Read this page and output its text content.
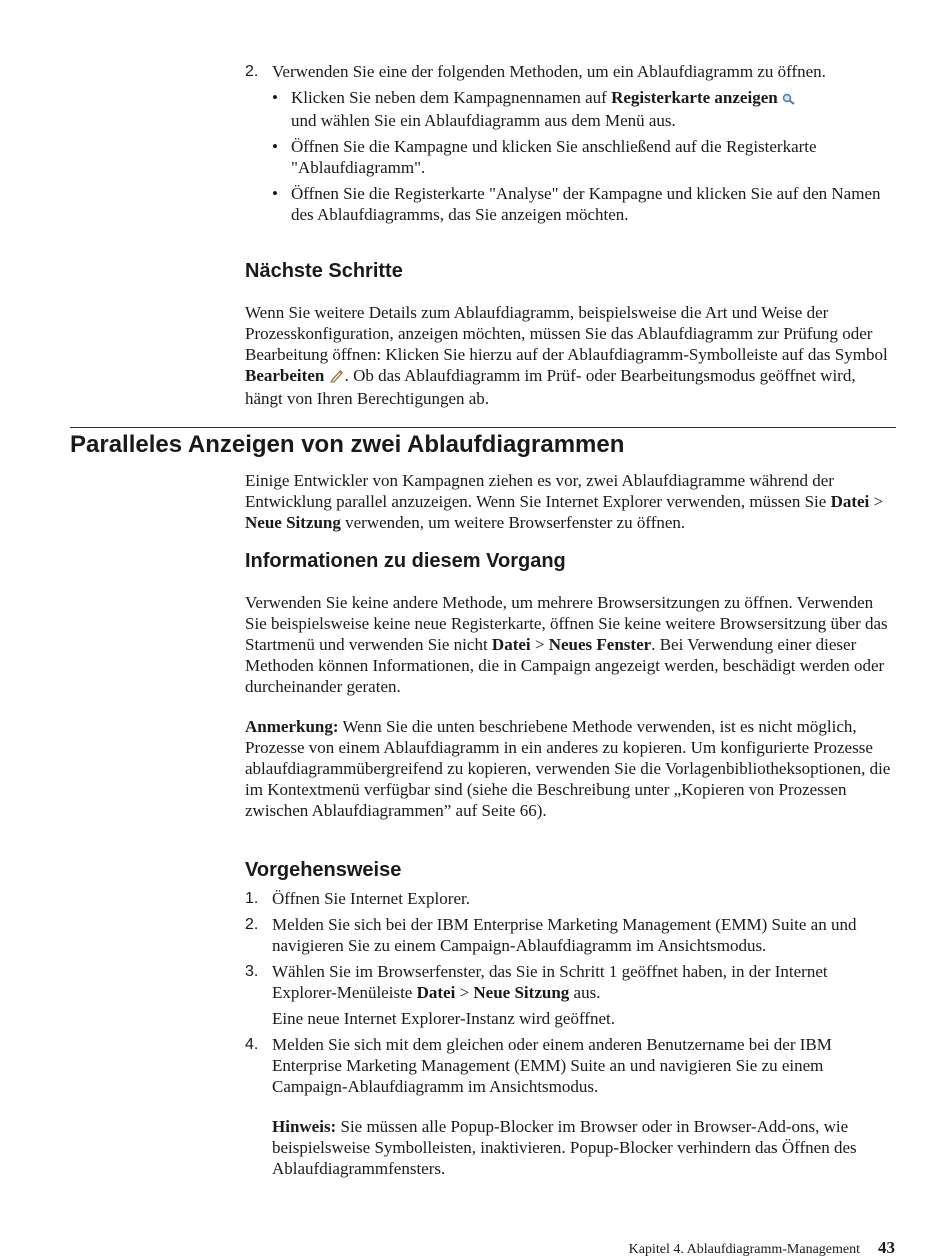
2. Verwenden Sie eine der folgenden Methoden, um ein Ablaufdiagramm zu öffnen.
• Klicken Sie neben dem Kampagnennamen auf Registerkarte anzeigen
und wählen Sie ein Ablaufdiagramm aus dem Menü aus.
• Öffnen Sie die Kampagne und klicken Sie anschließend auf die Registerkarte "Ablaufdiagramm".
• Öffnen Sie die Registerkarte "Analyse" der Kampagne und klicken Sie auf den Namen des Ablaufdiagramms, das Sie anzeigen möchten.
Nächste Schritte

Wenn Sie weitere Details zum Ablaufdiagramm, beispielsweise die Art und Weise der Prozesskonfiguration, anzeigen möchten, müssen Sie das Ablaufdiagramm zur Prüfung oder Bearbeitung öffnen: Klicken Sie hierzu auf der Ablaufdiagramm-Symbolleiste auf das Symbol Bearbeiten . Ob das Ablaufdiagramm im Prüf- oder Bearbeitungsmodus geöffnet wird, hängt von Ihren Berechtigungen ab.

Paralleles Anzeigen von zwei Ablaufdiagrammen
Einige Entwickler von Kampagnen ziehen es vor, zwei Ablaufdiagramme während der Entwicklung parallel anzuzeigen. Wenn Sie Internet Explorer verwenden, müssen Sie Datei > Neue Sitzung verwenden, um weitere Browserfenster zu öffnen.
Informationen zu diesem Vorgang

Verwenden Sie keine andere Methode, um mehrere Browsersitzungen zu öffnen. Verwenden Sie beispielsweise keine neue Registerkarte, öffnen Sie keine weitere Browsersitzung über das Startmenü und verwenden Sie nicht Datei > Neues Fenster. Bei Verwendung einer dieser Methoden können Informationen, die in Campaign angezeigt werden, beschädigt werden oder durcheinander geraten.

Anmerkung: Wenn Sie die unten beschriebene Methode verwenden, ist es nicht möglich, Prozesse von einem Ablaufdiagramm in ein anderes zu kopieren. Um konfigurierte Prozesse ablaufdiagrammübergreifend zu kopieren, verwenden Sie die Vorlagenbibliotheksoptionen, die im Kontextmenü verfügbar sind (siehe die Beschreibung unter „Kopieren von Prozessen zwischen Ablaufdiagrammen” auf Seite 66).

Vorgehensweise
1. Öffnen Sie Internet Explorer.
2. Melden Sie sich bei der IBM Enterprise Marketing Management (EMM) Suite an und navigieren Sie zu einem Campaign-Ablaufdiagramm im Ansichtsmodus.
3. Wählen Sie im Browserfenster, das Sie in Schritt 1 geöffnet haben, in der Internet Explorer-Menüleiste Datei > Neue Sitzung aus.
Eine neue Internet Explorer-Instanz wird geöffnet.
4. Melden Sie sich mit dem gleichen oder einem anderen Benutzername bei der IBM Enterprise Marketing Management (EMM) Suite an und navigieren Sie zu einem Campaign-Ablaufdiagramm im Ansichtsmodus.
Hinweis: Sie müssen alle Popup-Blocker im Browser oder in Browser-Add-ons, wie beispielsweise Symbolleisten, inaktivieren. Popup-Blocker verhindern das Öffnen des Ablaufdiagrammfensters.
Kapitel 4. Ablaufdiagramm-Management 43
